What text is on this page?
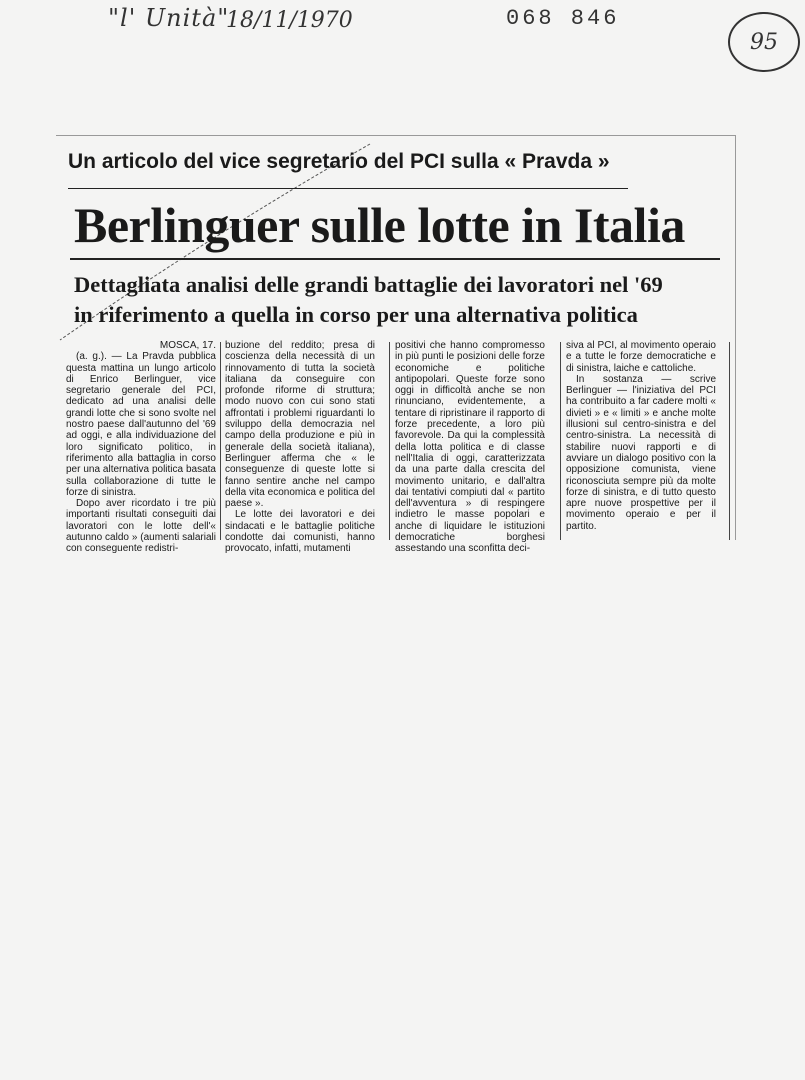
"l' Unità"
18/11/1970	068 846
95
Un articolo del vice segretario del PCI sulla « Pravda »
Berlinguer sulle lotte in Italia
Dettagliata analisi delle grandi battaglie dei lavoratori nel '69
in riferimento a quella in corso per una alternativa politica
MOSCA, 17.

(a. g.). — La Pravda pubblica questa mattina un lungo articolo di Enrico Berlinguer, vice segretario generale del PCI, dedicato ad una analisi delle grandi lotte che si sono svolte nel nostro paese dall'autunno del '69 ad oggi, e alla individuazione del loro significato politico, in riferimento alla battaglia in corso per una alternativa politica basata sulla collaborazione di tutte le forze di sinistra.

Dopo aver ricordato i tre più importanti risultati conseguiti dai lavoratori con le lotte dell'« autunno caldo » (aumenti salariali con conseguente redistri-

buzione del reddito; presa di coscienza della necessità di un rinnovamento di tutta la società italiana da conseguire con profonde riforme di struttura; modo nuovo con cui sono stati affrontati i problemi riguardanti lo sviluppo della democrazia nel campo della produzione e più in generale della società italiana), Berlinguer afferma che « le conseguenze di queste lotte si fanno sentire anche nel campo della vita economica e politica del paese ».

Le lotte dei lavoratori e dei sindacati e le battaglie politiche condotte dai comunisti, hanno provocato, infatti, mutamenti

positivi che hanno compromesso in più punti le posizioni delle forze economiche e politiche antipopolari. Queste forze sono oggi in difficoltà anche se non rinunciano, evidentemente, a tentare di ripristinare il rapporto di forze precedente, a loro più favorevole. Da qui la complessità della lotta politica e di classe nell'Italia di oggi, caratterizzata da una parte dalla crescita del movimento unitario, e dall'altra dai tentativi compiuti dal « partito dell'avventura » di respingere indietro le masse popolari e anche di liquidare le istituzioni democratiche borghesi assestando una sconfitta deci-

siva al PCI, al movimento operaio e a tutte le forze democratiche e di sinistra, laiche e cattoliche.

In sostanza — scrive Berlinguer — l'iniziativa del PCI ha contribuito a far cadere molti « divieti » e « limiti » e anche molte illusioni sul centro-sinistra e del centro-sinistra. La necessità di stabilire nuovi rapporti e di avviare un dialogo positivo con la opposizione comunista, viene riconosciuta sempre più da molte forze di sinistra, e di tutto questo apre nuove prospettive per il movimento operaio e per il partito.
